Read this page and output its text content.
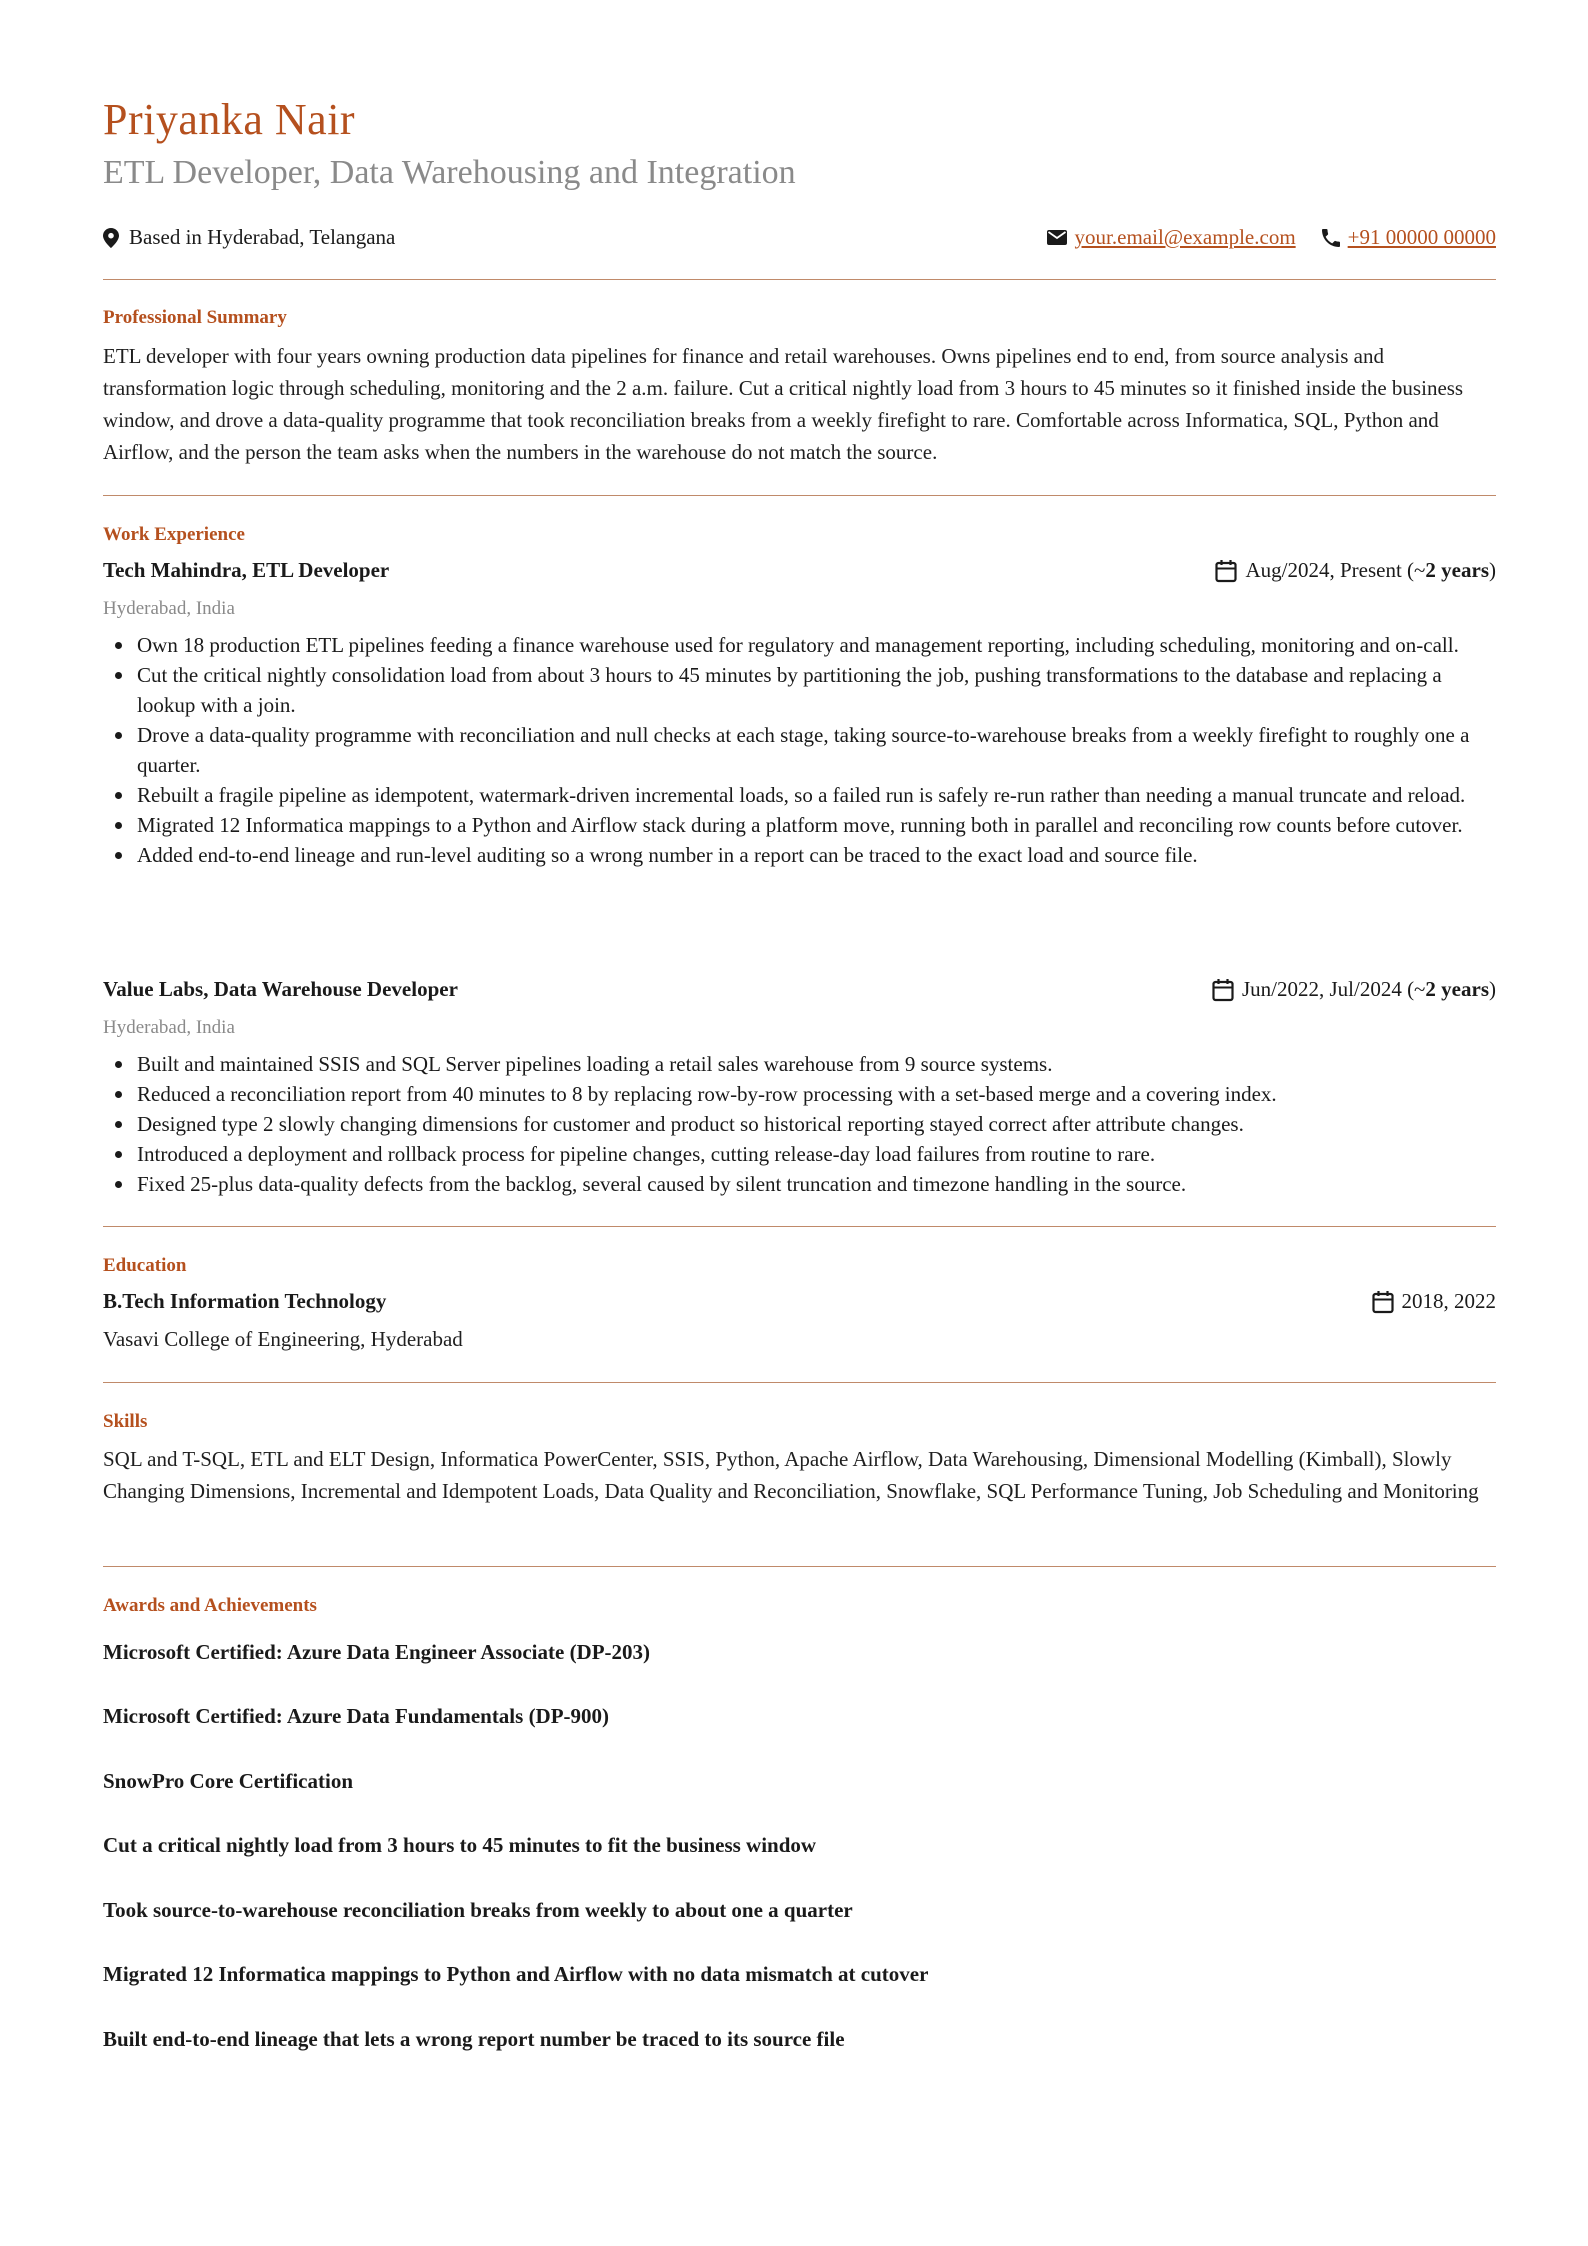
Priyanka Nair
ETL Developer, Data Warehousing and Integration
Based in Hyderabad, Telangana	your.email@example.com +91 00000 00000
Professional Summary
ETL developer with four years owning production data pipelines for finance and retail warehouses. Owns pipelines end to end, from source analysis and transformation logic through scheduling, monitoring and the 2 a.m. failure. Cut a critical nightly load from 3 hours to 45 minutes so it finished inside the business window, and drove a data-quality programme that took reconciliation breaks from a weekly firefight to rare. Comfortable across Informatica, SQL, Python and Airflow, and the person the team asks when the numbers in the warehouse do not match the source.
Work Experience
Tech Mahindra, ETL Developer	Aug/2024, Present (~ 2 years )
Hyderabad, India
Own 18 production ETL pipelines feeding a finance warehouse used for regulatory and management reporting, including scheduling, monitoring and on-call.
Cut the critical nightly consolidation load from about 3 hours to 45 minutes by partitioning the job, pushing transformations to the database and replacing a lookup with a join.
Drove a data-quality programme with reconciliation and null checks at each stage, taking source-to-warehouse breaks from a weekly firefight to roughly one a quarter.
Rebuilt a fragile pipeline as idempotent, watermark-driven incremental loads, so a failed run is safely re-run rather than needing a manual truncate and reload.
Migrated 12 Informatica mappings to a Python and Airflow stack during a platform move, running both in parallel and reconciling row counts before cutover.
Added end-to-end lineage and run-level auditing so a wrong number in a report can be traced to the exact load and source file.
Value Labs, Data Warehouse Developer	Jun/2022, Jul/2024 (~ 2 years )
Hyderabad, India
Built and maintained SSIS and SQL Server pipelines loading a retail sales warehouse from 9 source systems.
Reduced a reconciliation report from 40 minutes to 8 by replacing row-by-row processing with a set-based merge and a covering index.
Designed type 2 slowly changing dimensions for customer and product so historical reporting stayed correct after attribute changes.
Introduced a deployment and rollback process for pipeline changes, cutting release-day load failures from routine to rare.
Fixed 25-plus data-quality defects from the backlog, several caused by silent truncation and timezone handling in the source.
Education
B.Tech Information Technology	2018, 2022
Vasavi College of Engineering, Hyderabad
Skills
SQL and T-SQL, ETL and ELT Design, Informatica PowerCenter, SSIS, Python, Apache Airflow, Data Warehousing, Dimensional Modelling (Kimball), Slowly Changing Dimensions, Incremental and Idempotent Loads, Data Quality and Reconciliation, Snowflake, SQL Performance Tuning, Job Scheduling and Monitoring
Awards and Achievements
Microsoft Certified: Azure Data Engineer Associate (DP-203)
Microsoft Certified: Azure Data Fundamentals (DP-900)
SnowPro Core Certification
Cut a critical nightly load from 3 hours to 45 minutes to fit the business window
Took source-to-warehouse reconciliation breaks from weekly to about one a quarter
Migrated 12 Informatica mappings to Python and Airflow with no data mismatch at cutover
Built end-to-end lineage that lets a wrong report number be traced to its source file
